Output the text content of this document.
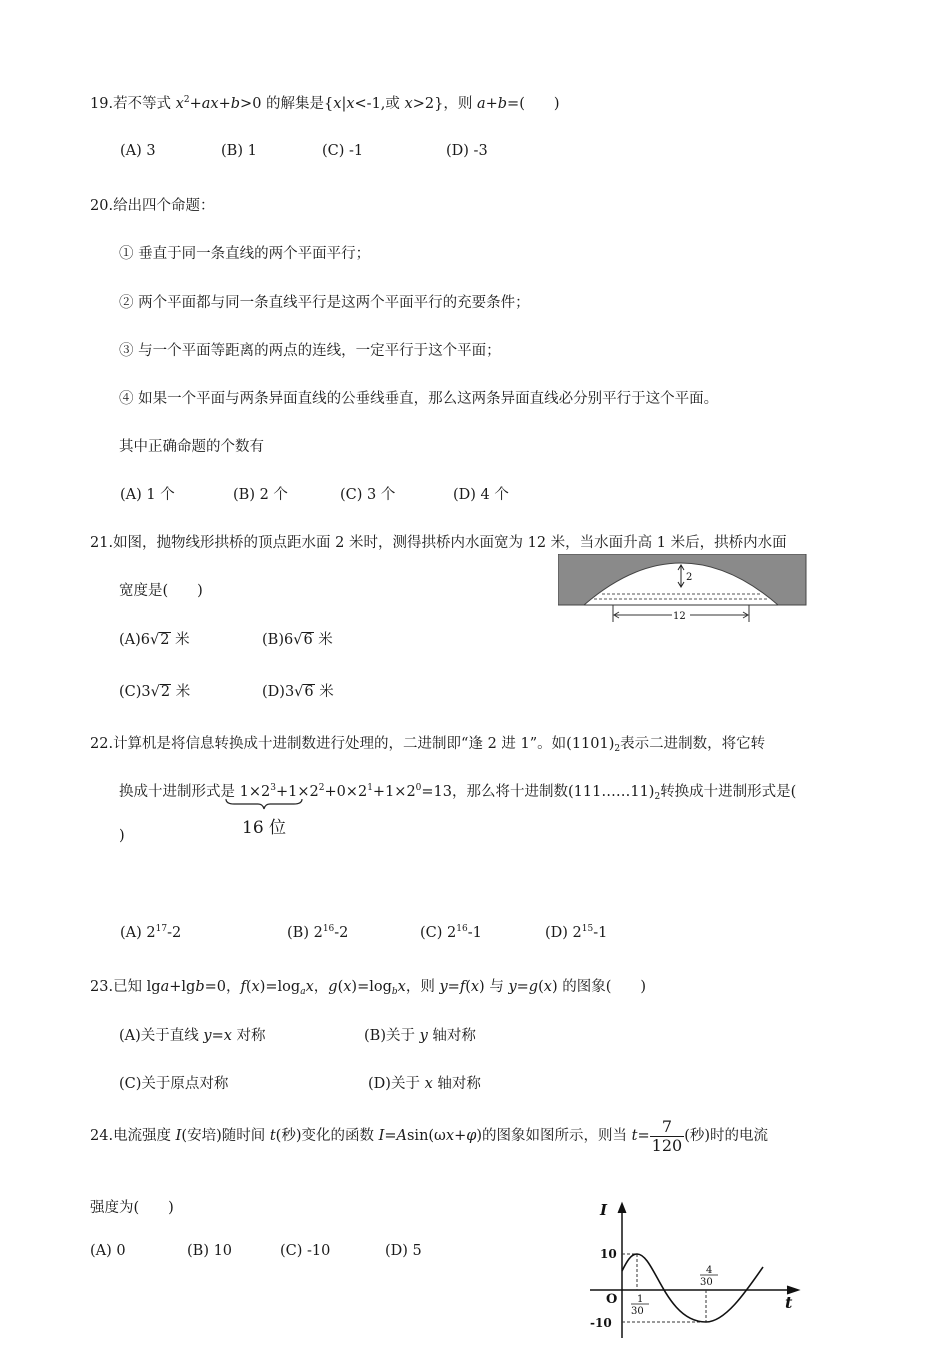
19.若不等式 $x^2+ax+b>0$ 的解集是{x|x<-1,或 x>2}，则 a+b=(　　)
(A) 3	(B) 1	(C) -1	(D) -3
20.给出四个命题：
① 垂直于同一条直线的两个平面平行；
② 两个平面都与同一条直线平行是这两个平面平行的充要条件；
③ 与一个平面等距离的两点的连线，一定平行于这个平面；
④ 如果一个平面与两条异面直线的公垂线垂直，那么这两条异面直线必分别平行于这个平面。
其中正确命题的个数有
(A) 1 个	(B) 2 个	(C) 3 个	(D) 4 个
21.如图，抛物线形拱桥的顶点距水面 2 米时，测得拱桥内水面宽为 12 米，当水面升高 1 米后，拱桥内水面
宽度是(　　)
2
12
(A)6√2 米	(B)6√6 米
(C)3√2 米	(D)3√6 米
22.计算机是将信息转换成十进制数进行处理的，二进制即“逢 2 进 1”。如$(1101)_2$表示二进制数，将它转
换成十进制形式是 $1\times 2^3+1\times 2^2+0\times 2^1+1\times 2^0=13$，那么将十进制数$(111\dots\dots 11)_2$转换成十进制形式是(
16 位
)
(A) $2^{17}-2$	(B) $2^{16}-2$	(C) $2^{16}-1$	(D) $2^{15}-1$
23.已知 lga+lgb=0，$f(x)=\log_ax$，$g(x)=\log_bx$，则 y=f(x) 与 y=g(x) 的图象(　　)
(A)关于直线 y=x 对称	(B)关于 y 轴对称
(C)关于原点对称	(D)关于 x 轴对称
24.电流强度 I(安培)随时间 t(秒)变化的函数 I=Asin(ωx+φ)的图象如图所示，则当 $t= \frac{7}{120}$ (秒)时的电流
强度为(　　)
(A) 0	(B) 10	(C) -10	(D) 5
I
t
O
10
-10
1
30
4
30
